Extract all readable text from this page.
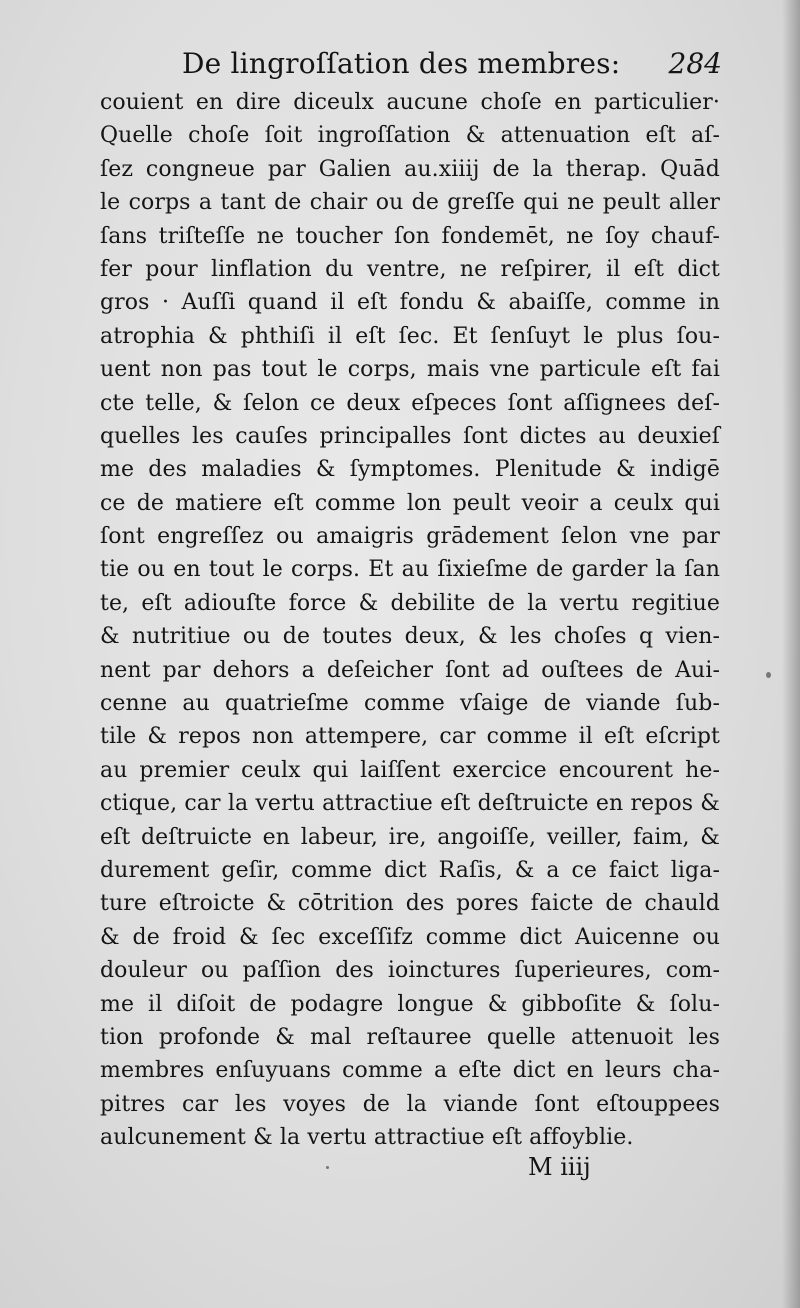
De lingroſſation des membres: 284
couient en dire diceulx aucune choſe en particulier·
Quelle choſe ſoit ingroſſation & attenuation eſt aſ-
ſez congneue par Galien au.xiiij de la therap. Quād
le corps a tant de chair ou de greſſe qui ne peult aller
ſans triſteſſe ne toucher ſon fondemēt, ne ſoy chauf-
fer pour linflation du ventre, ne reſpirer, il eſt dict
gros · Auſſi quand il eſt fondu & abaiſſe, comme in
atrophia & phthiſi il eſt ſec. Et ſenſuyt le plus ſou-
uent non pas tout le corps, mais vne particule eſt fai
cte telle, & ſelon ce deux eſpeces ſont aſſignees deſ-
quelles les cauſes principalles ſont dictes au deuxieſ
me des maladies & ſymptomes. Plenitude & indigē
ce de matiere eſt comme lon peult veoir a ceulx qui
ſont engreſſez ou amaigris grādement ſelon vne par
tie ou en tout le corps. Et au ſixieſme de garder la ſan
te, eſt adiouſte force & debilite de la vertu regitiue
& nutritiue ou de toutes deux, & les choſes q vien-
nent par dehors a deſeicher ſont ad ouſtees de Aui-
cenne au quatrieſme comme vſaige de viande ſub-
tile & repos non attempere, car comme il eſt eſcript
au premier ceulx qui laiſſent exercice encourent he-
ctique, car la vertu attractiue eſt deſtruicte en repos &
eſt deſtruicte en labeur, ire, angoiſſe, veiller, faim, &
durement geſir, comme dict Raſis, & a ce faict liga-
ture eſtroicte & cōtrition des pores faicte de chauld
& de froid & ſec exceſſifz comme dict Auicenne ou
douleur ou paſſion des ioinctures ſuperieures, com-
me il diſoit de podagre longue & gibboſite & ſolu-
tion profonde & mal reſtauree quelle attenuoit les
membres enſuyuans comme a eſte dict en leurs cha-
pitres car les voyes de la viande ſont eſtouppees
aulcunement & la vertu attractiue eſt affoyblie.
M iiij
